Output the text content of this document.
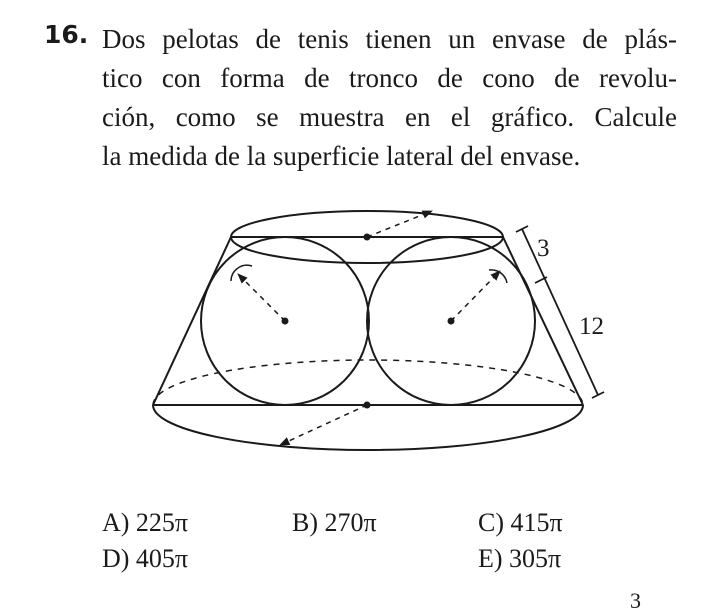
16. Dos pelotas de tenis tienen un envase de plás-
tico con forma de tronco de cono de revolu-
ción, como se muestra en el gráfico. Calcule
la medida de la superficie lateral del envase.
3
12
A) 225π	B) 270π	C) 415π
D) 405π	E) 305π
3
